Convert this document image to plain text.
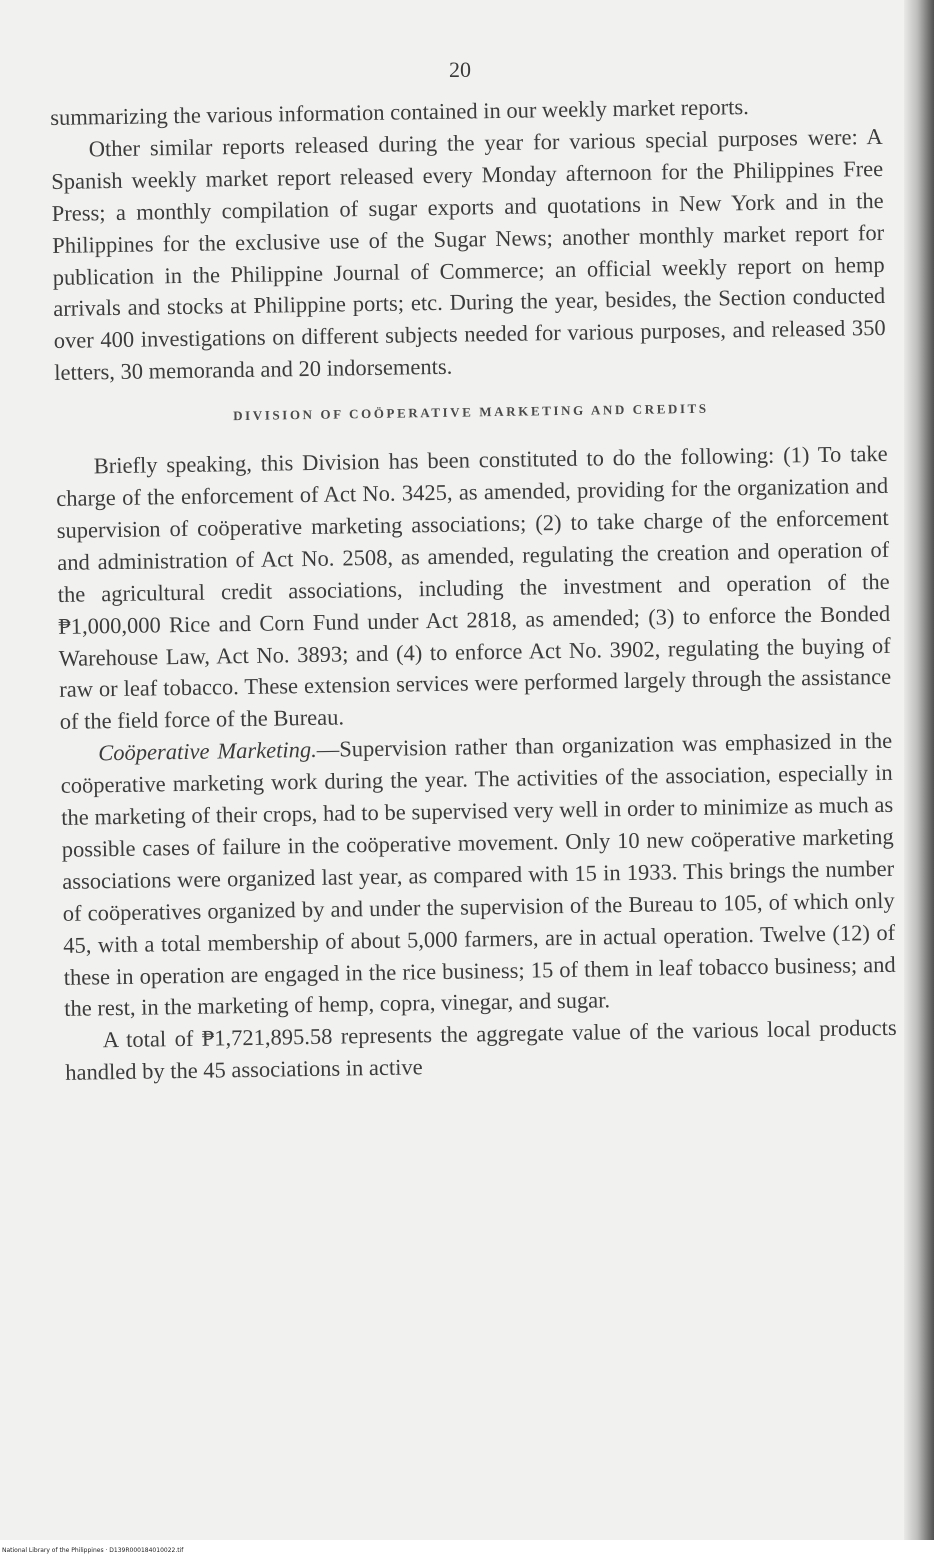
20

summarizing the various information contained in our weekly market reports.

Other similar reports released during the year for various special purposes were: A Spanish weekly market report released every Monday afternoon for the Philippines Free Press; a monthly compilation of sugar exports and quotations in New York and in the Philippines for the exclusive use of the Sugar News; another monthly market report for publication in the Philippine Journal of Commerce; an official weekly report on hemp arrivals and stocks at Philippine ports; etc. During the year, besides, the Section conducted over 400 investigations on different subjects needed for various purposes, and released 350 letters, 30 memoranda and 20 indorsements.

DIVISION OF COÖPERATIVE MARKETING AND CREDITS

Briefly speaking, this Division has been constituted to do the following: (1) To take charge of the enforcement of Act No. 3425, as amended, providing for the organization and supervision of coöperative marketing associations; (2) to take charge of the enforcement and administration of Act No. 2508, as amended, regulating the creation and operation of the agricultural credit associations, including the investment and operation of the ₱1,000,000 Rice and Corn Fund under Act 2818, as amended; (3) to enforce the Bonded Warehouse Law, Act No. 3893; and (4) to enforce Act No. 3902, regulating the buying of raw or leaf tobacco. These extension services were performed largely through the assistance of the field force of the Bureau.

Coöperative Marketing.—Supervision rather than organization was emphasized in the coöperative marketing work during the year. The activities of the association, especially in the marketing of their crops, had to be supervised very well in order to minimize as much as possible cases of failure in the coöperative movement. Only 10 new coöperative marketing associations were organized last year, as compared with 15 in 1933. This brings the number of coöperatives organized by and under the supervision of the Bureau to 105, of which only 45, with a total membership of about 5,000 farmers, are in actual operation. Twelve (12) of these in operation are engaged in the rice business; 15 of them in leaf tobacco business; and the rest, in the marketing of hemp, copra, vinegar, and sugar.

A total of ₱1,721,895.58 represents the aggregate value of the various local products handled by the 45 associations in active

National Library of the Philippines · D139R000184010022.tif
